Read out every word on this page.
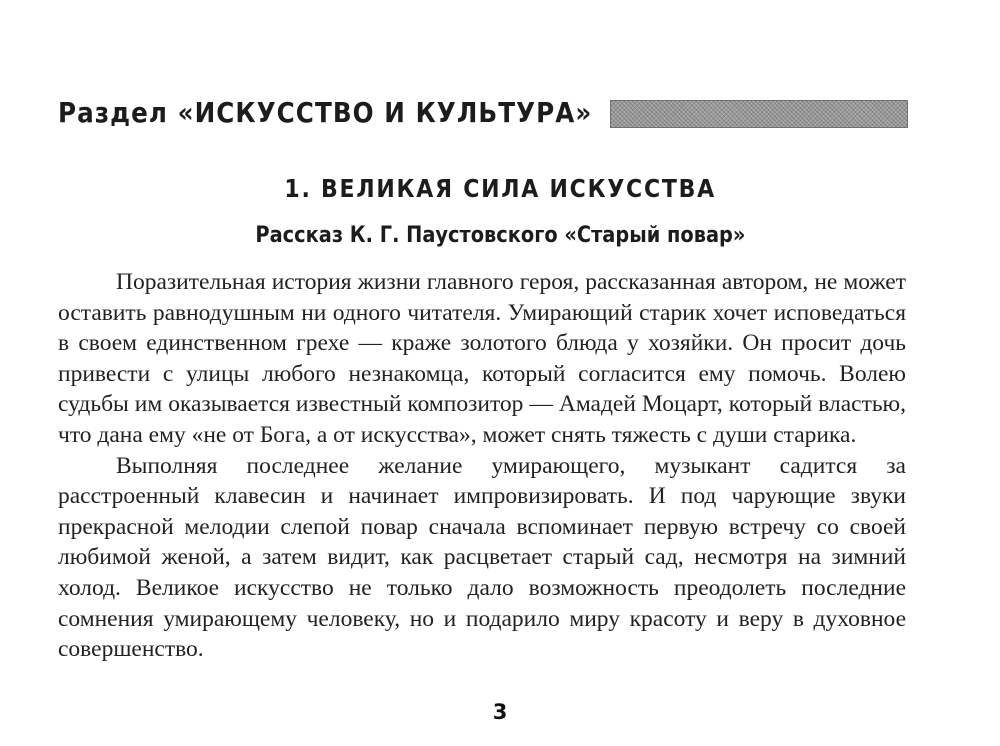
Раздел «ИСКУССТВО И КУЛЬТУРА»
1. ВЕЛИКАЯ СИЛА ИСКУССТВА
Рассказ К. Г. Паустовского «Старый повар»

Поразительная история жизни главного героя, рассказанная автором, не может оставить равнодушным ни одного читателя. Умирающий старик хочет исповедаться в своем единственном грехе — краже золотого блюда у хозяйки. Он просит дочь привести с улицы любого незнакомца, который согласится ему помочь. Волею судьбы им оказывается известный композитор — Амадей Моцарт, который властью, что дана ему «не от Бога, а от искусства», может снять тяжесть с души старика.

Выполняя последнее желание умирающего, музыкант садится за расстроенный клавесин и начинает импровизировать. И под чарующие звуки прекрасной мелодии слепой повар сначала вспоминает первую встречу со своей любимой женой, а затем видит, как расцветает старый сад, несмотря на зимний холод. Великое искусство не только дало возможность преодолеть последние сомнения умирающему человеку, но и подарило миру красоту и веру в духовное совершенство.

3
